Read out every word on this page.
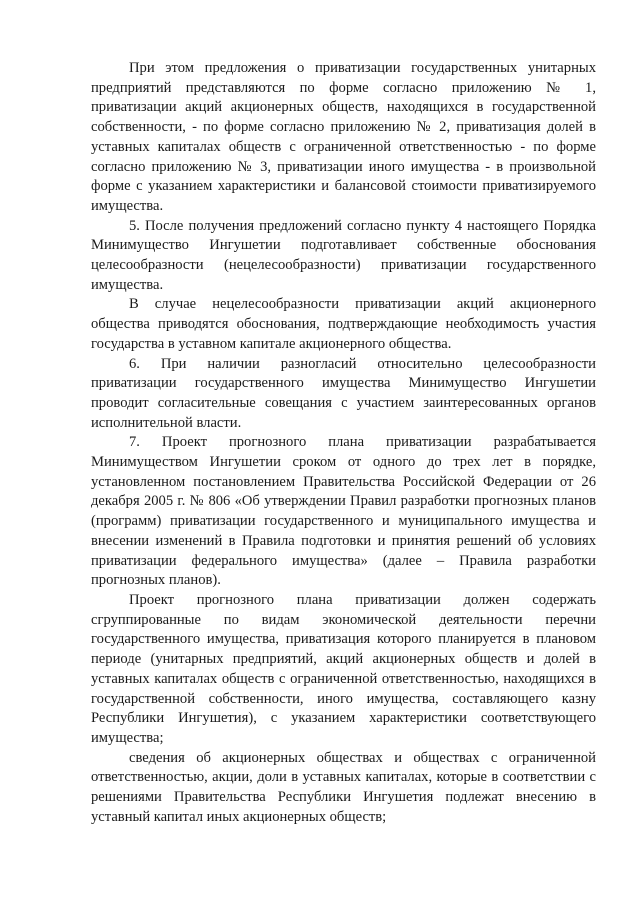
При этом предложения о приватизации государственных унитарных предприятий представляются по форме согласно приложению № 1, приватизации акций акционерных обществ, находящихся в государственной собственности, - по форме согласно приложению № 2, приватизация долей в уставных капиталах обществ с ограниченной ответственностью - по форме согласно приложению № 3, приватизации иного имущества - в произвольной форме с указанием характеристики и балансовой стоимости приватизируемого имущества.

5. После получения предложений согласно пункту 4 настоящего Порядка Минимущество Ингушетии подготавливает собственные обоснования целесообразности (нецелесообразности) приватизации государственного имущества.

В случае нецелесообразности приватизации акций акционерного общества приводятся обоснования, подтверждающие необходимость участия государства в уставном капитале акционерного общества.

6. При наличии разногласий относительно целесообразности приватизации государственного имущества Минимущество Ингушетии проводит согласительные совещания с участием заинтересованных органов исполнительной власти.

7. Проект прогнозного плана приватизации разрабатывается Минимуществом Ингушетии сроком от одного до трех лет в порядке, установленном постановлением Правительства Российской Федерации от 26 декабря 2005 г. № 806 «Об утверждении Правил разработки прогнозных планов (программ) приватизации государственного и муниципального имущества и внесении изменений в Правила подготовки и принятия решений об условиях приватизации федерального имущества» (далее – Правила разработки прогнозных планов).

Проект прогнозного плана приватизации должен содержать сгруппированные по видам экономической деятельности перечни государственного имущества, приватизация которого планируется в плановом периоде (унитарных предприятий, акций акционерных обществ и долей в уставных капиталах обществ с ограниченной ответственностью, находящихся в государственной собственности, иного имущества, составляющего казну Республики Ингушетия), с указанием характеристики соответствующего имущества;

сведения об акционерных обществах и обществах с ограниченной ответственностью, акции, доли в уставных капиталах, которые в соответствии с решениями Правительства Республики Ингушетия подлежат внесению в уставный капитал иных акционерных обществ;
